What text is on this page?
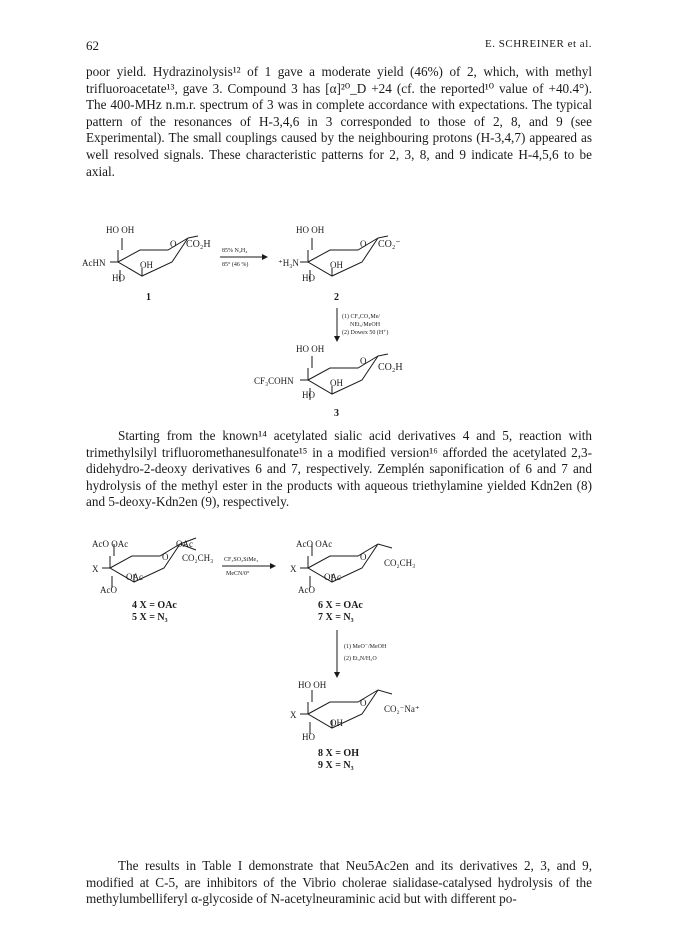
62	E. SCHREINER et al.

poor yield. Hydrazinolysis¹² of 1 gave a moderate yield (46%) of 2, which, with methyl trifluoroacetate¹³, gave 3. Compound 3 has [α]²⁰_D +24 (cf. the reported¹⁰ value of +40.4°). The 400-MHz n.m.r. spectrum of 3 was in complete accordance with expectations. The typical pattern of the resonances of H-3,4,6 in 3 corresponded to those of 2, 8, and 9 (see Experimental). The small couplings caused by the neighbouring protons (H-3,4,7) appeared as well resolved signals. These characteristic patterns for 2, 3, 8, and 9 indicate H-4,5,6 to be axial.

HO OH
O CO₂H
AcHN	OH
HO
1
85% N₂H₄
85° (46 %)
HO OH
O CO₂⁻
⁺H₃N	OH
HO
2
(1) CF₃CO₂Me/
NEt₃/MeOH
(2) Dowex 50 (H⁺)
HO OH
O
CO₂H
CF₃COHN	OH
HO
3

Starting from the known¹⁴ acetylated sialic acid derivatives 4 and 5, reaction with trimethylsilyl trifluoromethanesulfonate¹⁵ in a modified version¹⁶ afforded the acetylated 2,3-didehydro-2-deoxy derivatives 6 and 7, respectively. Zemplén saponification of 6 and 7 and hydrolysis of the methyl ester in the products with aqueous triethylamine yielded Kdn2en (8) and 5-deoxy-Kdn2en (9), respectively.

AcO OAc	OAc
O CO₂CH₃
X
OAc
AcO
4 X = OAc
5 X = N₃
CF₃SO₃SiMe₃
MeCN/0°
AcO OAc
O
CO₂CH₃
X
OAc
AcO
6 X = OAc
7 X = N₃
(1) MeO⁻/MeOH
(2) Et₃N/H₂O
HO OH
O
CO₂⁻Na⁺
X
OH
HO
8 X = OH
9 X = N₃

The results in Table I demonstrate that Neu5Ac2en and its derivatives 2, 3, and 9, modified at C-5, are inhibitors of the Vibrio cholerae sialidase-catalysed hydrolysis of the methylumbelliferyl α-glycoside of N-acetylneuraminic acid but with different po-
